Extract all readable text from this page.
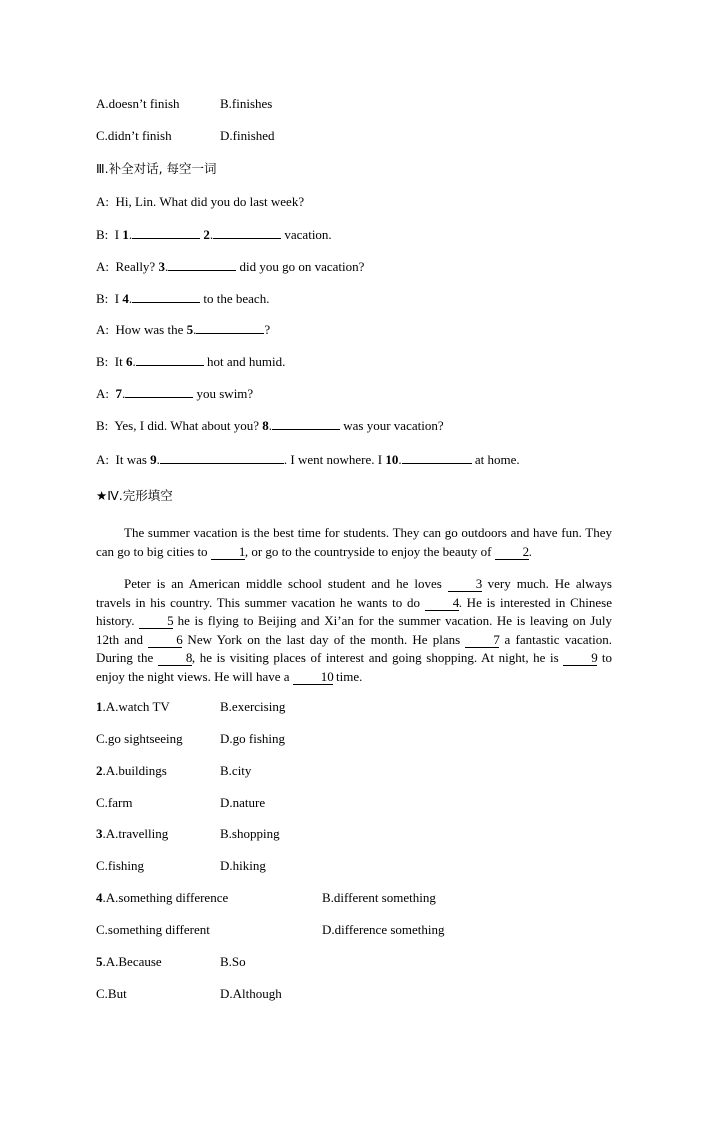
A.doesn’t finish	B.finishes
C.didn’t finish	D.finished
Ⅲ.补全对话, 每空一词
A: Hi, Lin. What did you do last week?
B: I 1.	2.	vacation.
A: Really? 3.	did you go on vacation?
B: I 4.	to the beach.
A: How was the 5.	?
B: It 6.	hot and humid.
A: 7.	you swim?
B: Yes, I did. What about you? 8.	was your vacation?
A: It was 9.	. I went nowhere. I 10.	at home.
★Ⅳ.完形填空
The summer vacation is the best time for students. They can go outdoors and have fun. They can go to big cities to 1, or go to the countryside to enjoy the beauty of 2.
Peter is an American middle school student and he loves 3 very much. He always travels in his country. This summer vacation he wants to do 4. He is interested in Chinese history. 5 he is flying to Beijing and Xi’an for the summer vacation. He is leaving on July 12th and 6 New York on the last day of the month. He plans 7 a fantastic vacation. During the 8, he is visiting places of interest and going shopping. At night, he is 9 to enjoy the night views. He will have a 10 time.
1.A.watch TV	B.exercising
C.go sightseeing	D.go fishing
2.A.buildings	B.city
C.farm	D.nature
3.A.travelling	B.shopping
C.fishing	D.hiking
4.A.something difference	B.different something
C.something different	D.difference something
5.A.Because	B.So
C.But	D.Although
